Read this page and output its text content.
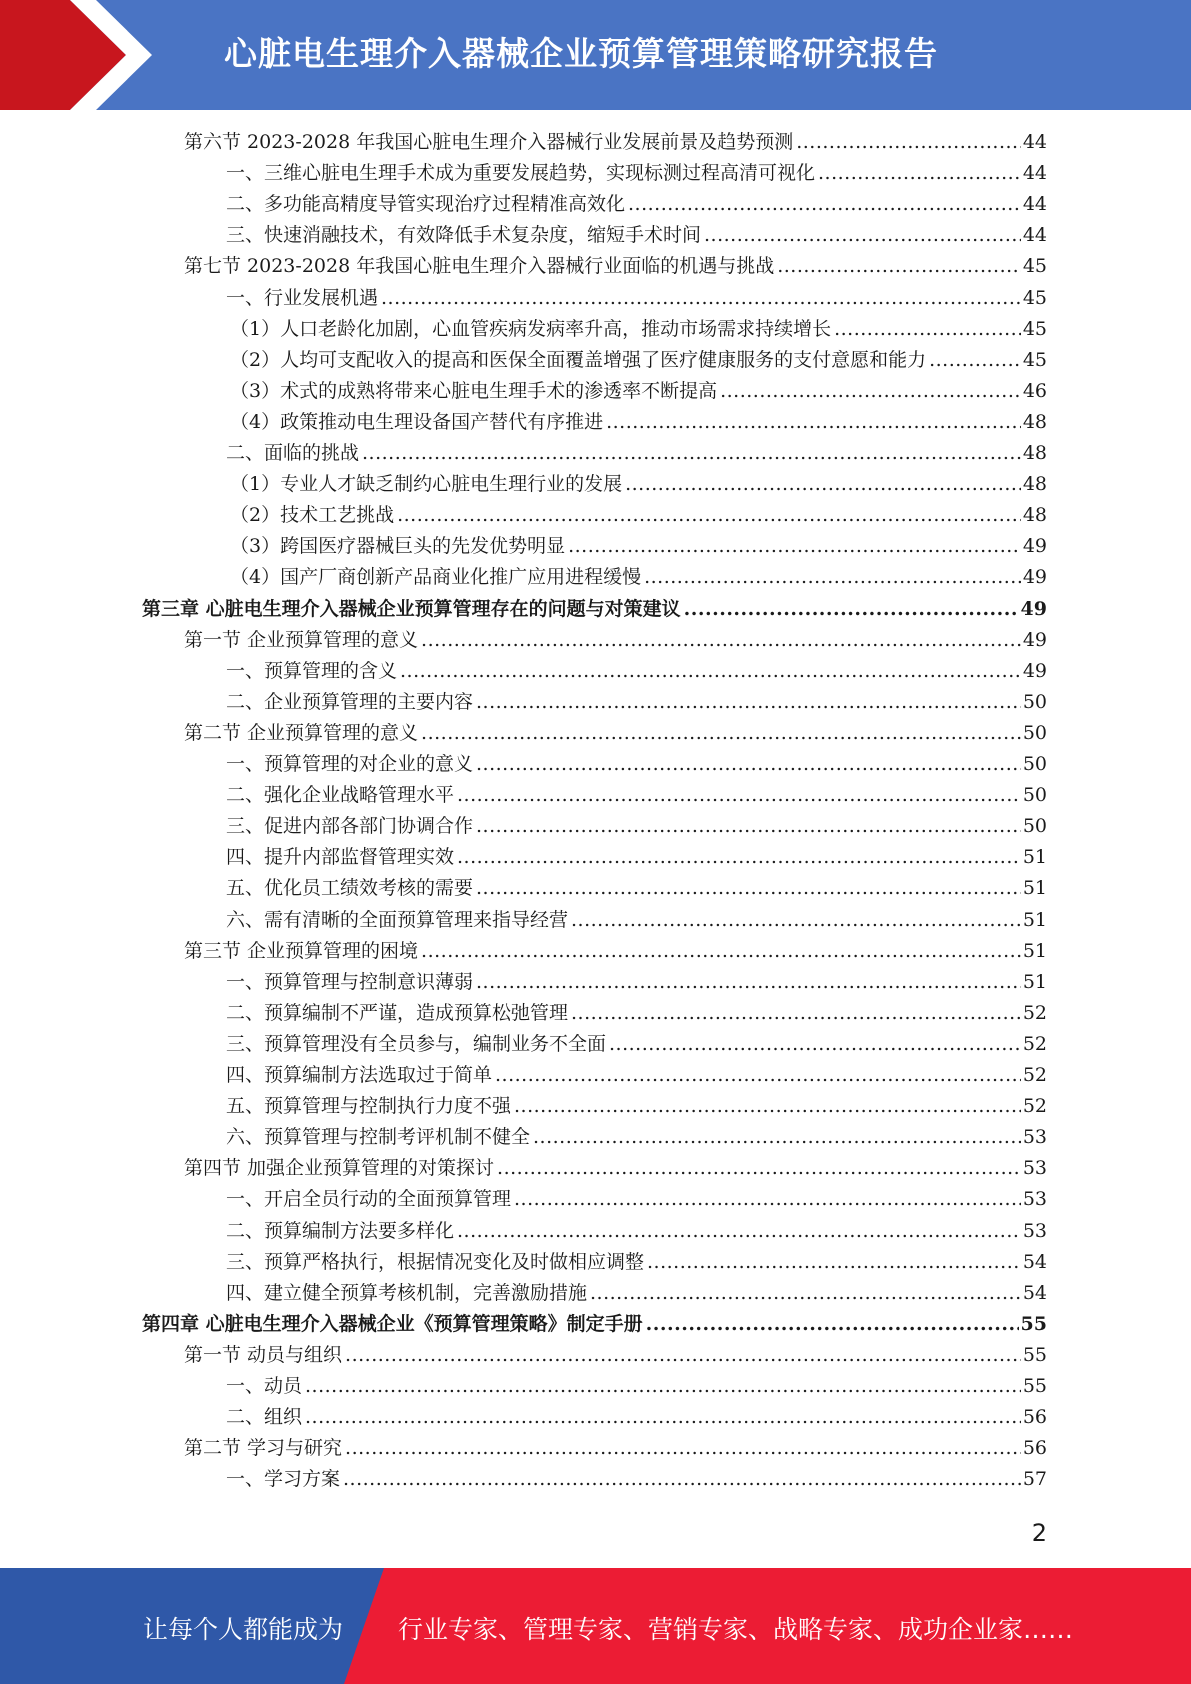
心脏电生理介入器械企业预算管理策略研究报告
第六节 2023-2028 年我国心脏电生理介入器械行业发展前景及趋势预测 .....	44
一、三维心脏电生理手术成为重要发展趋势，实现标测过程高清可视化 .....	44
二、多功能高精度导管实现治疗过程精准高效化 .....	44
三、快速消融技术，有效降低手术复杂度，缩短手术时间 .....	44
第七节 2023-2028 年我国心脏电生理介入器械行业面临的机遇与挑战 .....	45
一、行业发展机遇 .....	45
（1）人口老龄化加剧，心血管疾病发病率升高，推动市场需求持续增长 .....	45
（2）人均可支配收入的提高和医保全面覆盖增强了医疗健康服务的支付意愿和能力 .....	45
（3）术式的成熟将带来心脏电生理手术的渗透率不断提高 .....	46
（4）政策推动电生理设备国产替代有序推进 .....	48
二、面临的挑战 .....	48
（1）专业人才缺乏制约心脏电生理行业的发展 .....	48
（2）技术工艺挑战 .....	48
（3）跨国医疗器械巨头的先发优势明显 .....	49
（4）国产厂商创新产品商业化推广应用进程缓慢 .....	49
第三章 心脏电生理介入器械企业预算管理存在的问题与对策建议 .....	49
第一节 企业预算管理的意义 .....	49
一、预算管理的含义 .....	49
二、企业预算管理的主要内容 .....	50
第二节 企业预算管理的意义 .....	50
一、预算管理的对企业的意义 .....	50
二、强化企业战略管理水平 .....	50
三、促进内部各部门协调合作 .....	50
四、提升内部监督管理实效 .....	51
五、优化员工绩效考核的需要 .....	51
六、需有清晰的全面预算管理来指导经营 .....	51
第三节 企业预算管理的困境 .....	51
一、预算管理与控制意识薄弱 .....	51
二、预算编制不严谨，造成预算松弛管理 .....	52
三、预算管理没有全员参与，编制业务不全面 .....	52
四、预算编制方法选取过于简单 .....	52
五、预算管理与控制执行力度不强 .....	52
六、预算管理与控制考评机制不健全 .....	53
第四节 加强企业预算管理的对策探讨 .....	53
一、开启全员行动的全面预算管理 .....	53
二、预算编制方法要多样化 .....	53
三、预算严格执行，根据情况变化及时做相应调整 .....	54
四、建立健全预算考核机制，完善激励措施 .....	54
第四章 心脏电生理介入器械企业《预算管理策略》制定手册 .....	55
第一节 动员与组织 .....	55
一、动员 .....	55
二、组织 .....	56
第二节 学习与研究 .....	56
一、学习方案 .....	57
2
让每个人都能成为 行业专家、管理专家、营销专家、战略专家、成功企业家……
